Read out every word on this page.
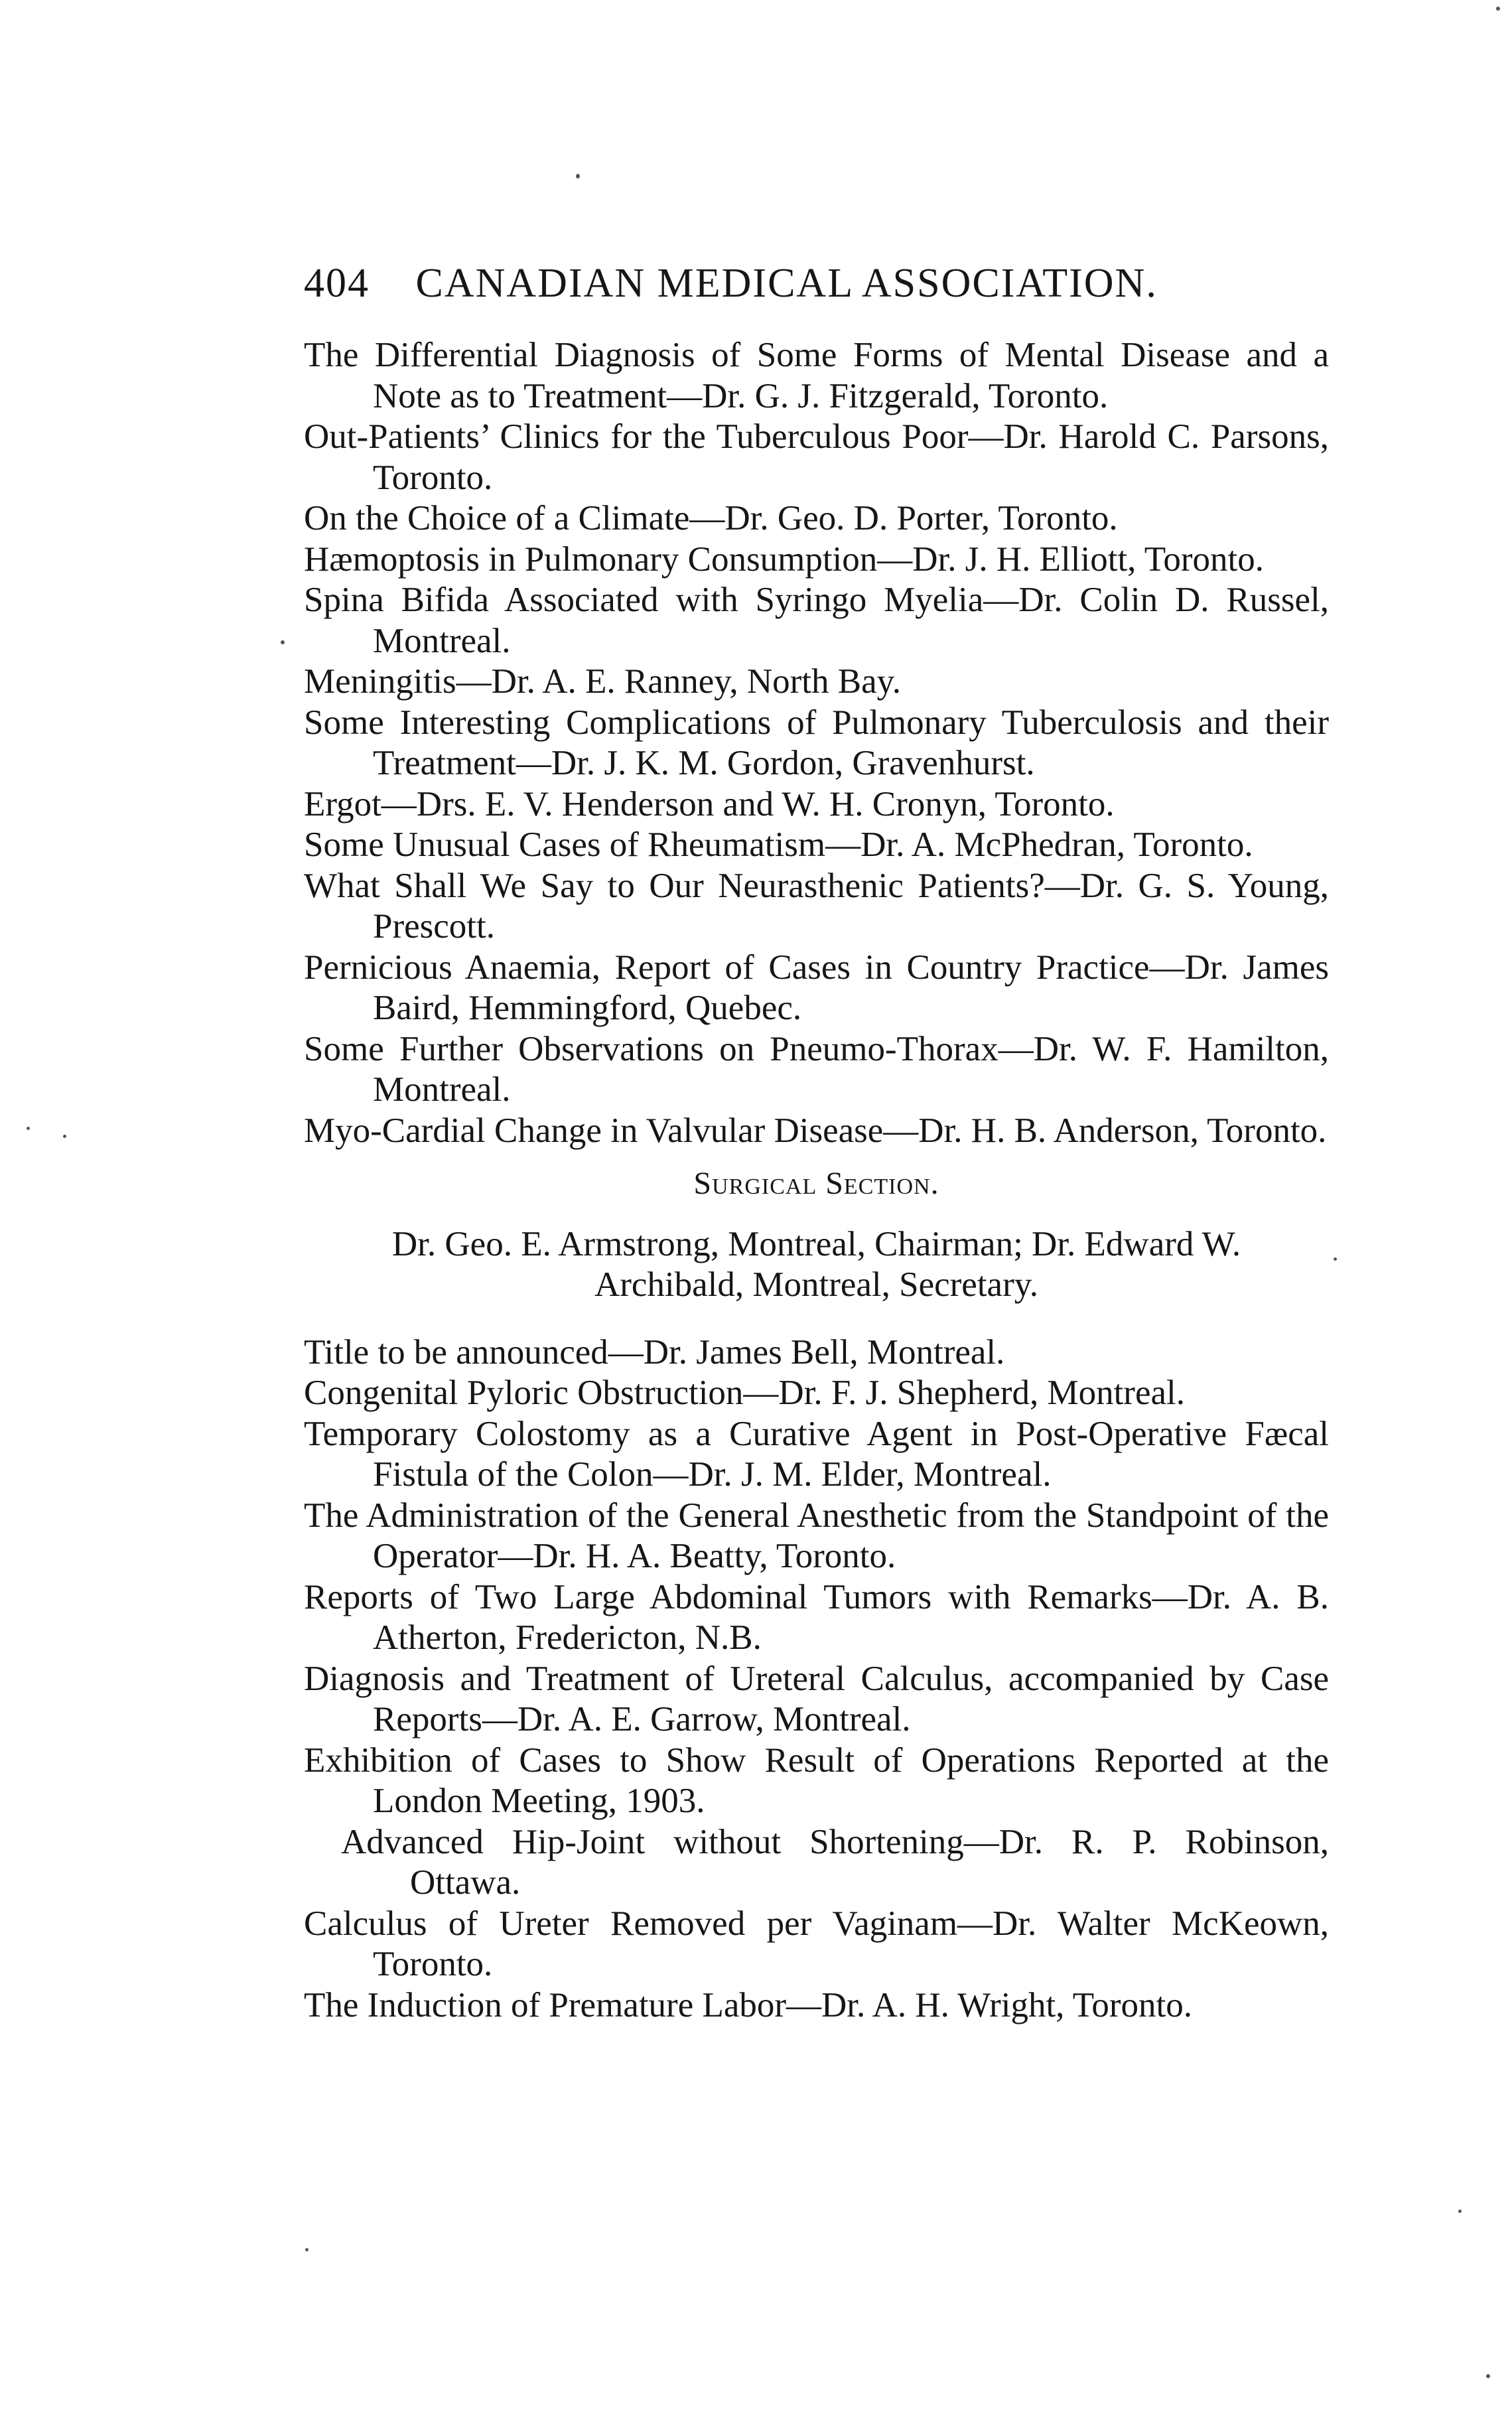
404 CANADIAN MEDICAL ASSOCIATION.

The Differential Diagnosis of Some Forms of Mental Disease and a Note as to Treatment—Dr. G. J. Fitzgerald, Toronto.

Out-Patients’ Clinics for the Tuberculous Poor—Dr. Harold C. Parsons, Toronto.

On the Choice of a Climate—Dr. Geo. D. Porter, Toronto.

Hæmoptosis in Pulmonary Consumption—Dr. J. H. Elliott, Toronto.

Spina Bifida Associated with Syringo Myelia—Dr. Colin D. Russel, Montreal.

Meningitis—Dr. A. E. Ranney, North Bay.

Some Interesting Complications of Pulmonary Tuberculosis and their Treatment—Dr. J. K. M. Gordon, Gravenhurst.

Ergot—Drs. E. V. Henderson and W. H. Cronyn, Toronto.

Some Unusual Cases of Rheumatism—Dr. A. McPhedran, Toronto.

What Shall We Say to Our Neurasthenic Patients?—Dr. G. S. Young, Prescott.

Pernicious Anaemia, Report of Cases in Country Practice—Dr. James Baird, Hemmingford, Quebec.

Some Further Observations on Pneumo-Thorax—Dr. W. F. Hamilton, Montreal.

Myo-Cardial Change in Valvular Disease—Dr. H. B. Anderson, Toronto.

Surgical Section.
Dr. Geo. E. Armstrong, Montreal, Chairman; Dr. Edward W. Archibald, Montreal, Secretary.

Title to be announced—Dr. James Bell, Montreal.

Congenital Pyloric Obstruction—Dr. F. J. Shepherd, Montreal.

Temporary Colostomy as a Curative Agent in Post-Operative Fæcal Fistula of the Colon—Dr. J. M. Elder, Montreal.

The Administration of the General Anesthetic from the Standpoint of the Operator—Dr. H. A. Beatty, Toronto.

Reports of Two Large Abdominal Tumors with Remarks—Dr. A. B. Atherton, Fredericton, N.B.

Diagnosis and Treatment of Ureteral Calculus, accompanied by Case Reports—Dr. A. E. Garrow, Montreal.

Exhibition of Cases to Show Result of Operations Reported at the London Meeting, 1903.

Advanced Hip-Joint without Shortening—Dr. R. P. Robinson, Ottawa.

Calculus of Ureter Removed per Vaginam—Dr. Walter McKeown, Toronto.

The Induction of Premature Labor—Dr. A. H. Wright, Toronto.
